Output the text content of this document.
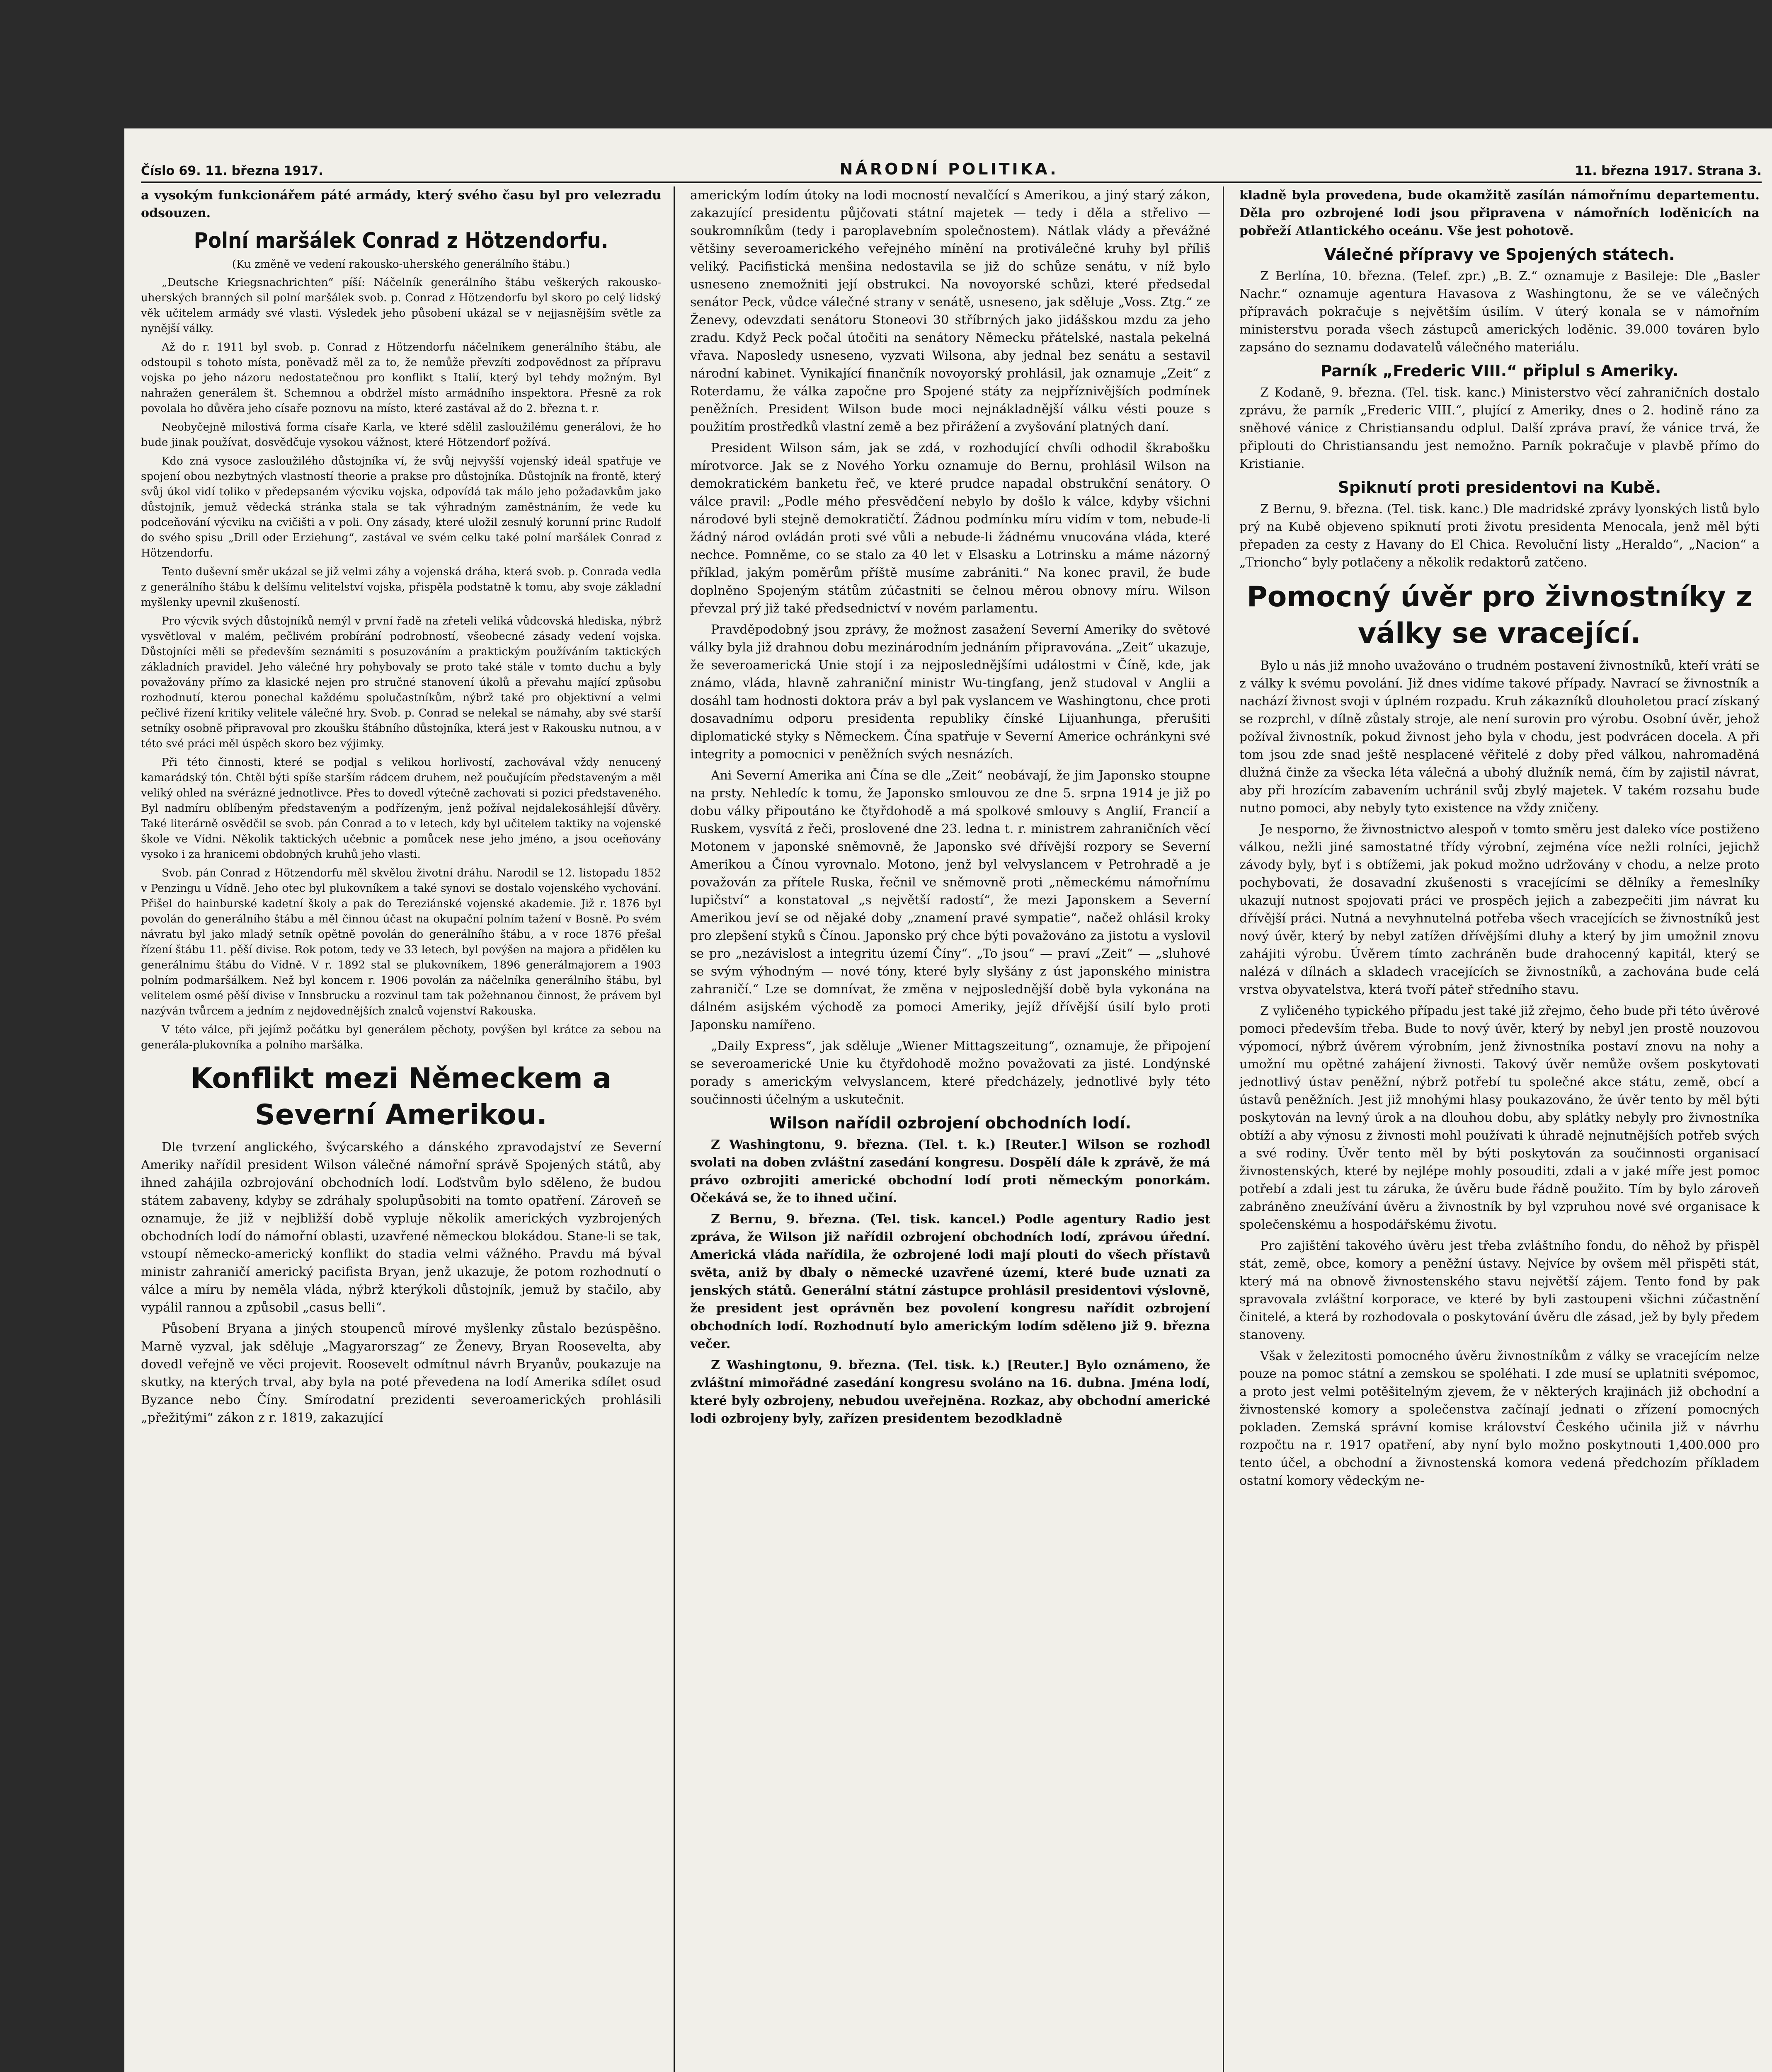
Číslo 69. 11. března 1917.	NÁRODNÍ POLITIKA.	11. března 1917. Strana 3.

a vysokým funkcionářem páté armády, který svého času byl pro velezradu odsouzen.

Polní maršálek Conrad z Hötzendorfu.
(Ku změně ve vedení rakousko-uherského generálního štábu.)

„Deutsche Kriegsnachrichten“ píší: Náčelník generálního štábu veškerých rakousko-uherských branných sil polní maršálek svob. p. Conrad z Hötzendorfu byl skoro po celý lidský věk učitelem armády své vlasti. Výsledek jeho působení ukázal se v nejjasnějším světle za nynější války.

Až do r. 1911 byl svob. p. Conrad z Hötzendorfu náčelníkem generálního štábu, ale odstoupil s tohoto místa, poněvadž měl za to, že nemůže převzíti zodpovědnost za přípravu vojska po jeho názoru nedostatečnou pro konflikt s Italií, který byl tehdy možným. Byl nahražen generálem št. Schemnou a obdržel místo armádního inspektora. Přesně za rok povolala ho důvěra jeho císaře poznovu na místo, které zastával až do 2. března t. r.

Neobyčejně milostivá forma císaře Karla, ve které sdělil zasloužilému generálovi, že ho bude jinak používat, dosvědčuje vysokou vážnost, které Hötzendorf požívá.

Kdo zná vysoce zasloužilého důstojníka ví, že svůj nejvyšší vojenský ideál spatřuje ve spojení obou nezbytných vlastností theorie a prakse pro důstojníka. Důstojník na frontě, který svůj úkol vidí toliko v předepsaném výcviku vojska, odpovídá tak málo jeho požadavkům jako důstojník, jemuž vědecká stránka stala se tak výhradným zaměstnáním, že vede ku podceňování výcviku na cvičišti a v poli. Ony zásady, které uložil zesnulý korunní princ Rudolf do svého spisu „Drill oder Erziehung“, zastával ve svém celku také polní maršálek Conrad z Hötzendorfu.

Tento duševní směr ukázal se již velmi záhy a vojenská dráha, která svob. p. Conrada vedla z generálního štábu k delšímu velitelství vojska, přispěla podstatně k tomu, aby svoje základní myšlenky upevnil zkušeností.

Pro výcvik svých důstojníků nemýl v první řadě na zřeteli veliká vůdcovská hlediska, nýbrž vysvětloval v malém, pečlivém probírání podrobností, všeobecné zásady vedení vojska. Důstojníci měli se především seznámiti s posuzováním a praktickým používáním taktických základních pravidel. Jeho válečné hry pohybovaly se proto také stále v tomto duchu a byly považovány přímo za klasické nejen pro stručné stanovení úkolů a převahu mající způsobu rozhodnutí, kterou ponechal každému spolučastníkům, nýbrž také pro objektivní a velmi pečlivé řízení kritiky velitele válečné hry. Svob. p. Conrad se nelekal se námahy, aby své starší setníky osobně připravoval pro zkoušku štábního důstojníka, která jest v Rakousku nutnou, a v této své práci měl úspěch skoro bez výjimky.

Při této činnosti, které se podjal s velikou horlivostí, zachovával vždy nenucený kamarádský tón. Chtěl býti spíše starším rádcem druhem, než poučujícím představeným a měl veliký ohled na svérázné jednotlivce. Přes to dovedl výtečně zachovati si pozici představeného. Byl nadmíru oblíbeným představeným a podřízeným, jenž požíval nejdalekosáhlejší důvěry. Také literárně osvědčil se svob. pán Conrad a to v letech, kdy byl učitelem taktiky na vojenské škole ve Vídni. Několik taktických učebnic a pomůcek nese jeho jméno, a jsou oceňovány vysoko i za hranicemi obdobných kruhů jeho vlasti.

Svob. pán Conrad z Hötzendorfu měl skvělou životní dráhu. Narodil se 12. listopadu 1852 v Penzingu u Vídně. Jeho otec byl plukovníkem a také synovi se dostalo vojenského vychování. Přišel do hainburské kadetní školy a pak do Tereziánské vojenské akademie. Již r. 1876 byl povolán do generálního štábu a měl činnou účast na okupační polním tažení v Bosně. Po svém návratu byl jako mladý setník opětně povolán do generálního štábu, a v roce 1876 přešal řízení štábu 11. pěší divise. Rok potom, tedy ve 33 letech, byl povýšen na majora a přidělen ku generálnímu štábu do Vídně. V r. 1892 stal se plukovníkem, 1896 generálmajorem a 1903 polním podmaršálkem. Než byl koncem r. 1906 povolán za náčelníka generálního štábu, byl velitelem osmé pěší divise v Innsbrucku a rozvinul tam tak požehnanou činnost, že právem byl nazýván tvůrcem a jedním z nejdovednějších znalců vojenství Rakouska.

V této válce, při jejímž počátku byl generálem pěchoty, povýšen byl krátce za sebou na generála-plukovníka a polního maršálka.

Konflikt mezi Německem a Severní Amerikou.

Dle tvrzení anglického, švýcarského a dánského zpravodajství ze Severní Ameriky nařídil president Wilson válečné námořní správě Spojených států, aby ihned zahájila ozbrojování obchodních lodí. Loďstvům bylo sděleno, že budou státem zabaveny, kdyby se zdráhaly spolupůsobiti na tomto opatření. Zároveň se oznamuje, že již v nejbližší době vypluje několik amerických vyzbrojených obchodních lodí do námořní oblasti, uzavřené německou blokádou. Stane-li se tak, vstoupí německo-americký konflikt do stadia velmi vážného. Pravdu má býval ministr zahraničí americký pacifista Bryan, jenž ukazuje, že potom rozhodnutí o válce a míru by neměla vláda, nýbrž kterýkoli důstojník, jemuž by stačilo, aby vypálil rannou a způsobil „casus belli“.

Působení Bryana a jiných stoupenců mírové myšlenky zůstalo bezúspěšno. Marně vyzval, jak sděluje „Magyarorszag“ ze Ženevy, Bryan Roosevelta, aby dovedl veřejně ve věci projevit. Roosevelt odmítnul návrh Bryanův, poukazuje na skutky, na kterých trval, aby byla na poté převedena na lodí Amerika sdílet osud Byzance nebo Číny. Smírodatní prezidenti severoamerických prohlásili „přežitými“ zákon z r. 1819, zakazující

americkým lodím útoky na lodi mocností nevalčící s Amerikou, a jiný starý zákon, zakazující presidentu půjčovati státní majetek — tedy i děla a střelivo — soukromníkům (tedy i paroplavebním společnostem). Nátlak vlády a převážné většiny severoamerického veřejného mínění na protiválečné kruhy byl příliš veliký. Pacifistická menšina nedostavila se již do schůze senátu, v níž bylo usneseno znemožniti její obstrukci. Na novoyorské schůzi, které předsedal senátor Peck, vůdce válečné strany v senátě, usneseno, jak sděluje „Voss. Ztg.“ ze Ženevy, odevzdati senátoru Stoneovi 30 stříbrných jako jidášskou mzdu za jeho zradu. Když Peck počal útočiti na senátory Německu přátelské, nastala pekelná vřava. Naposledy usneseno, vyzvati Wilsona, aby jednal bez senátu a sestavil národní kabinet. Vynikající finančník novoyorský prohlásil, jak oznamuje „Zeit“ z Roterdamu, že válka započne pro Spojené státy za nejpříznivějších podmínek peněžních. President Wilson bude moci nejnákladnější válku vésti pouze s použitím prostředků vlastní země a bez přirážení a zvyšování platných daní.

President Wilson sám, jak se zdá, v rozhodující chvíli odhodil škrabošku mírotvorce. Jak se z Nového Yorku oznamuje do Bernu, prohlásil Wilson na demokratickém banketu řeč, ve které prudce napadal obstrukční senátory. O válce pravil: „Podle mého přesvědčení nebylo by došlo k válce, kdyby všichni národové byli stejně demokratičtí. Žádnou podmínku míru vidím v tom, nebude-li žádný národ ovládán proti své vůli a nebude-li žádnému vnucována vláda, které nechce. Pomněme, co se stalo za 40 let v Elsasku a Lotrinsku a máme názorný příklad, jakým poměrům příště musíme zabrániti.“ Na konec pravil, že bude doplněno Spojeným státům zúčastniti se čelnou měrou obnovy míru. Wilson převzal prý již také předsednictví v novém parlamentu.

Pravděpodobný jsou zprávy, že možnost zasažení Severní Ameriky do světové války byla již drahnou dobu mezinárodním jednáním připravována. „Zeit“ ukazuje, že severoamerická Unie stojí i za nejposlednějšími událostmi v Číně, kde, jak známo, vláda, hlavně zahraniční ministr Wu-tingfang, jenž studoval v Anglii a dosáhl tam hodnosti doktora práv a byl pak vyslancem ve Washingtonu, chce proti dosavadnímu odporu presidenta republiky čínské Lijuanhunga, přerušiti diplomatické styky s Německem. Čína spatřuje v Severní Americe ochránkyni své integrity a pomocnici v peněžních svých nesnázích.

Ani Severní Amerika ani Čína se dle „Zeit“ neobávají, že jim Japonsko stoupne na prsty. Nehledíc k tomu, že Japonsko smlouvou ze dne 5. srpna 1914 je již po dobu války připoutáno ke čtyřdohodě a má spolkové smlouvy s Anglií, Francií a Ruskem, vysvítá z řeči, proslovené dne 23. ledna t. r. ministrem zahraničních věcí Motonem v japonské sněmovně, že Japonsko své dřívější rozpory se Severní Amerikou a Čínou vyrovnalo. Motono, jenž byl velvyslancem v Petrohradě a je považován za přítele Ruska, řečnil ve sněmovně proti „německému námořnímu lupičství“ a konstatoval „s největší radostí“, že mezi Japonskem a Severní Amerikou jeví se od nějaké doby „znamení pravé sympatie“, načež ohlásil kroky pro zlepšení styků s Čínou. Japonsko prý chce býti považováno za jistotu a vyslovil se pro „nezávislost a integritu území Číny“. „To jsou“ — praví „Zeit“ — „sluhové se svým výhodným — nové tóny, které byly slyšány z úst japonského ministra zahraničí.“ Lze se domnívat, že změna v nejposlednější době byla vykonána na dálném asijském východě za pomoci Ameriky, jejíž dřívější úsilí bylo proti Japonsku namířeno.

„Daily Express“, jak sděluje „Wiener Mittagszeitung“, oznamuje, že připojení se severoamerické Unie ku čtyřdohodě možno považovati za jisté. Londýnské porady s americkým velvyslancem, které předcházely, jednotlivé byly této součinnosti účelným a uskutečnit.

Wilson nařídil ozbrojení obchodních lodí.

Z Washingtonu, 9. března. (Tel. t. k.) [Reuter.] Wilson se rozhodl svolati na doben zvláštní zasedání kongresu. Dospělí dále k zprávě, že má právo ozbrojiti americké obchodní lodí proti německým ponorkám. Očekává se, že to ihned učiní.

Z Bernu, 9. března. (Tel. tisk. kancel.) Podle agentury Radio jest zpráva, že Wilson již nařídil ozbrojení obchodních lodí, zprávou úřední. Americká vláda nařídila, že ozbrojené lodi mají plouti do všech přístavů světa, aniž by dbaly o německé uzavřené území, které bude uznati za jenských států. Generální státní zástupce prohlásil presidentovi výslovně, že president jest oprávněn bez povolení kongresu nařídit ozbrojení obchodních lodí. Rozhodnutí bylo americkým lodím sděleno již 9. března večer.

Z Washingtonu, 9. března. (Tel. tisk. k.) [Reuter.] Bylo oznámeno, že zvláštní mimořádné zasedání kongresu svoláno na 16. dubna. Jména lodí, které byly ozbrojeny, nebudou uveřejněna. Rozkaz, aby obchodní americké lodi ozbrojeny byly, zařízen presidentem bezodkladně

kladně byla provedena, bude okamžitě zasílán námořnímu departementu. Děla pro ozbrojené lodi jsou připravena v námořních loděnicích na pobřeží Atlantického oceánu. Vše jest pohotově.

Válečné přípravy ve Spojených státech.

Z Berlína, 10. března. (Telef. zpr.) „B. Z.“ oznamuje z Basileje: Dle „Basler Nachr.“ oznamuje agentura Havasova z Washingtonu, že se ve válečných přípravách pokračuje s největším úsilím. V úterý konala se v námořním ministerstvu porada všech zástupců amerických loděnic. 39.000 továren bylo zapsáno do seznamu dodavatelů válečného materiálu.

Parník „Frederic VIII.“ připlul s Ameriky.

Z Kodaně, 9. března. (Tel. tisk. kanc.) Ministerstvo věcí zahraničních dostalo zprávu, že parník „Frederic VIII.“, plující z Ameriky, dnes o 2. hodině ráno za sněhové vánice z Christiansandu odplul. Další zpráva praví, že vánice trvá, že připlouti do Christiansandu jest nemožno. Parník pokračuje v plavbě přímo do Kristianie.

Spiknutí proti presidentovi na Kubě.

Z Bernu, 9. března. (Tel. tisk. kanc.) Dle madridské zprávy lyonských listů bylo prý na Kubě objeveno spiknutí proti životu presidenta Menocala, jenž měl býti přepaden za cesty z Havany do El Chica. Revoluční listy „Heraldo“, „Nacion“ a „Trioncho“ byly potlačeny a několik redaktorů zatčeno.

Pomocný úvěr pro živnostníky z války se vracející.

Bylo u nás již mnoho uvažováno o trudném postavení živnostníků, kteří vrátí se z války k svému povolání. Již dnes vidíme takové případy. Navrací se živnostník a nachází živnost svoji v úplném rozpadu. Kruh zákazníků dlouholetou prací získaný se rozprchl, v dílně zůstaly stroje, ale není surovin pro výrobu. Osobní úvěr, jehož požíval živnostník, pokud živnost jeho byla v chodu, jest podvrácen docela. A při tom jsou zde snad ještě nesplacené věřitelé z doby před válkou, nahromaděná dlužná činže za všecka léta válečná a ubohý dlužník nemá, čím by zajistil návrat, aby při hrozícím zabavením uchránil svůj zbylý majetek. V takém rozsahu bude nutno pomoci, aby nebyly tyto existence na vždy zničeny.

Je nesporno, že živnostnictvo alespoň v tomto směru jest daleko více postiženo válkou, nežli jiné samostatné třídy výrobní, zejména více nežli rolníci, jejichž závody byly, byť i s obtížemi, jak pokud možno udržovány v chodu, a nelze proto pochybovati, že dosavadní zkušenosti s vracejícími se dělníky a řemeslníky ukazují nutnost spojovati práci ve prospěch jejich a zabezpečiti jim návrat ku dřívější práci. Nutná a nevyhnutelná potřeba všech vracejících se živnostníků jest nový úvěr, který by nebyl zatížen dřívějšími dluhy a který by jim umožnil znovu zahájiti výrobu. Úvěrem tímto zachráněn bude drahocenný kapitál, který se nalézá v dílnách a skladech vracejících se živnostníků, a zachována bude celá vrstva obyvatelstva, která tvoří páteř středního stavu.

Z vyličeného typického případu jest také již zřejmo, čeho bude při této úvěrové pomoci především třeba. Bude to nový úvěr, který by nebyl jen prostě nouzovou výpomocí, nýbrž úvěrem výrobním, jenž živnostníka postaví znovu na nohy a umožní mu opětné zahájení živnosti. Takový úvěr nemůže ovšem poskytovati jednotlivý ústav peněžní, nýbrž potřebí tu společné akce státu, země, obcí a ústavů peněžních. Jest již mnohými hlasy poukazováno, že úvěr tento by měl býti poskytován na levný úrok a na dlouhou dobu, aby splátky nebyly pro živnostníka obtíží a aby výnosu z živnosti mohl používati k úhradě nejnutnějších potřeb svých a své rodiny. Úvěr tento měl by býti poskytován za součinnosti organisací živnostenských, které by nejlépe mohly posouditi, zdali a v jaké míře jest pomoc potřebí a zdali jest tu záruka, že úvěru bude řádně použito. Tím by bylo zároveň zabráněno zneužívání úvěru a živnostník by byl vzpruhou nové své organisace k společenskému a hospodářskému životu.

Pro zajištění takového úvěru jest třeba zvláštního fondu, do něhož by přispěl stát, země, obce, komory a peněžní ústavy. Nejvíce by ovšem měl přispěti stát, který má na obnově živnostenského stavu největší zájem. Tento fond by pak spravovala zvláštní korporace, ve které by byli zastoupeni všichni zúčastnění činitelé, a která by rozhodovala o poskytování úvěru dle zásad, jež by byly předem stanoveny.

Však v železitosti pomocného úvěru živnostníkům z války se vracejícím nelze pouze na pomoc státní a zemskou se spoléhati. I zde musí se uplatniti svépomoc, a proto jest velmi potěšitelným zjevem, že v některých krajinách již obchodní a živnostenské komory a společenstva začínají jednati o zřízení pomocných pokladen. Zemská správní komise království Českého učinila již v návrhu rozpočtu na r. 1917 opatření, aby nyní bylo možno poskytnouti 1,400.000 pro tento účel, a obchodní a živnostenská komora vedená předchozím příkladem ostatní komory vědeckým ne-
